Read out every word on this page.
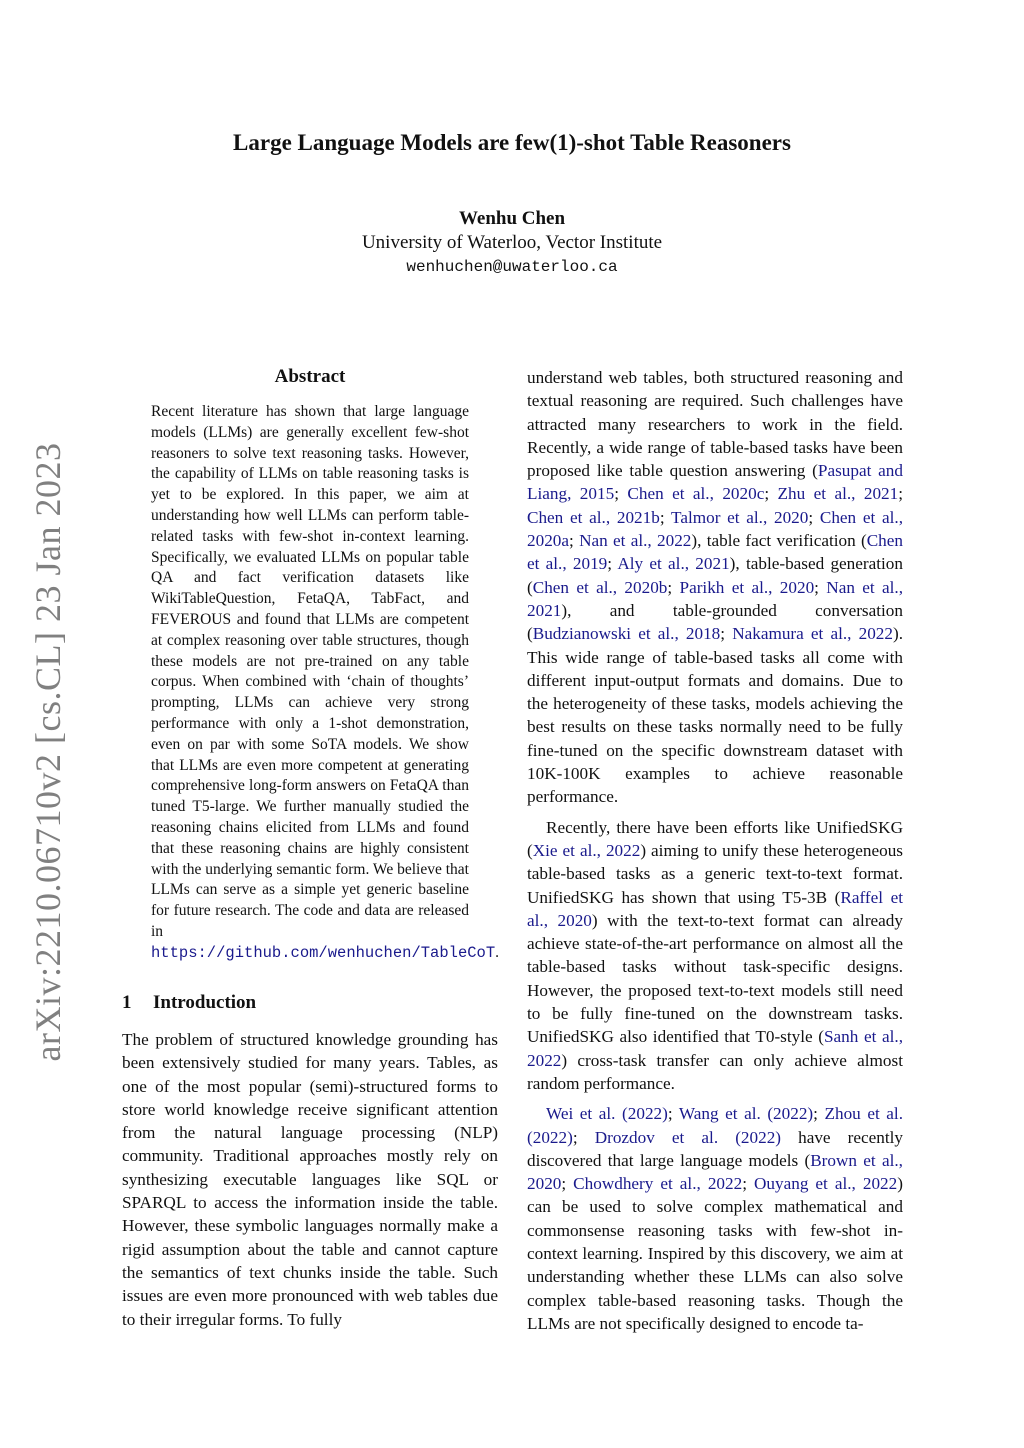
arXiv:2210.06710v2 [cs.CL] 23 Jan 2023
Large Language Models are few(1)-shot Table Reasoners
Wenhu Chen
University of Waterloo, Vector Institute
wenhuchen@uwaterloo.ca
Abstract

Recent literature has shown that large language models (LLMs) are generally excellent few-shot reasoners to solve text reasoning tasks. However, the capability of LLMs on table reasoning tasks is yet to be explored. In this paper, we aim at understanding how well LLMs can perform table-related tasks with few-shot in-context learning. Specifically, we evaluated LLMs on popular table QA and fact verification datasets like WikiTableQuestion, FetaQA, TabFact, and FEVEROUS and found that LLMs are competent at complex reasoning over table structures, though these models are not pre-trained on any table corpus. When combined with ‘chain of thoughts’ prompting, LLMs can achieve very strong performance with only a 1-shot demonstration, even on par with some SoTA models. We show that LLMs are even more competent at generating comprehensive long-form answers on FetaQA than tuned T5-large. We further manually studied the reasoning chains elicited from LLMs and found that these reasoning chains are highly consistent with the underlying semantic form. We believe that LLMs can serve as a simple yet generic baseline for future research. The code and data are released in https://github.com/wenhuchen/TableCoT.

1 Introduction

The problem of structured knowledge grounding has been extensively studied for many years. Tables, as one of the most popular (semi)-structured forms to store world knowledge receive significant attention from the natural language processing (NLP) community. Traditional approaches mostly rely on synthesizing executable languages like SQL or SPARQL to access the information inside the table. However, these symbolic languages normally make a rigid assumption about the table and cannot capture the semantics of text chunks inside the table. Such issues are even more pronounced with web tables due to their irregular forms. To fully

understand web tables, both structured reasoning and textual reasoning are required. Such challenges have attracted many researchers to work in the field. Recently, a wide range of table-based tasks have been proposed like table question answering (Pasupat and Liang, 2015; Chen et al., 2020c; Zhu et al., 2021; Chen et al., 2021b; Talmor et al., 2020; Chen et al., 2020a; Nan et al., 2022), table fact verification (Chen et al., 2019; Aly et al., 2021), table-based generation (Chen et al., 2020b; Parikh et al., 2020; Nan et al., 2021), and table-grounded conversation (Budzianowski et al., 2018; Nakamura et al., 2022). This wide range of table-based tasks all come with different input-output formats and domains. Due to the heterogeneity of these tasks, models achieving the best results on these tasks normally need to be fully fine-tuned on the specific downstream dataset with 10K-100K examples to achieve reasonable performance.

Recently, there have been efforts like UnifiedSKG (Xie et al., 2022) aiming to unify these heterogeneous table-based tasks as a generic text-to-text format. UnifiedSKG has shown that using T5-3B (Raffel et al., 2020) with the text-to-text format can already achieve state-of-the-art performance on almost all the table-based tasks without task-specific designs. However, the proposed text-to-text models still need to be fully fine-tuned on the downstream tasks. UnifiedSKG also identified that T0-style (Sanh et al., 2022) cross-task transfer can only achieve almost random performance.

Wei et al. (2022); Wang et al. (2022); Zhou et al. (2022); Drozdov et al. (2022) have recently discovered that large language models (Brown et al., 2020; Chowdhery et al., 2022; Ouyang et al., 2022) can be used to solve complex mathematical and commonsense reasoning tasks with few-shot in-context learning. Inspired by this discovery, we aim at understanding whether these LLMs can also solve complex table-based reasoning tasks. Though the LLMs are not specifically designed to encode ta-
